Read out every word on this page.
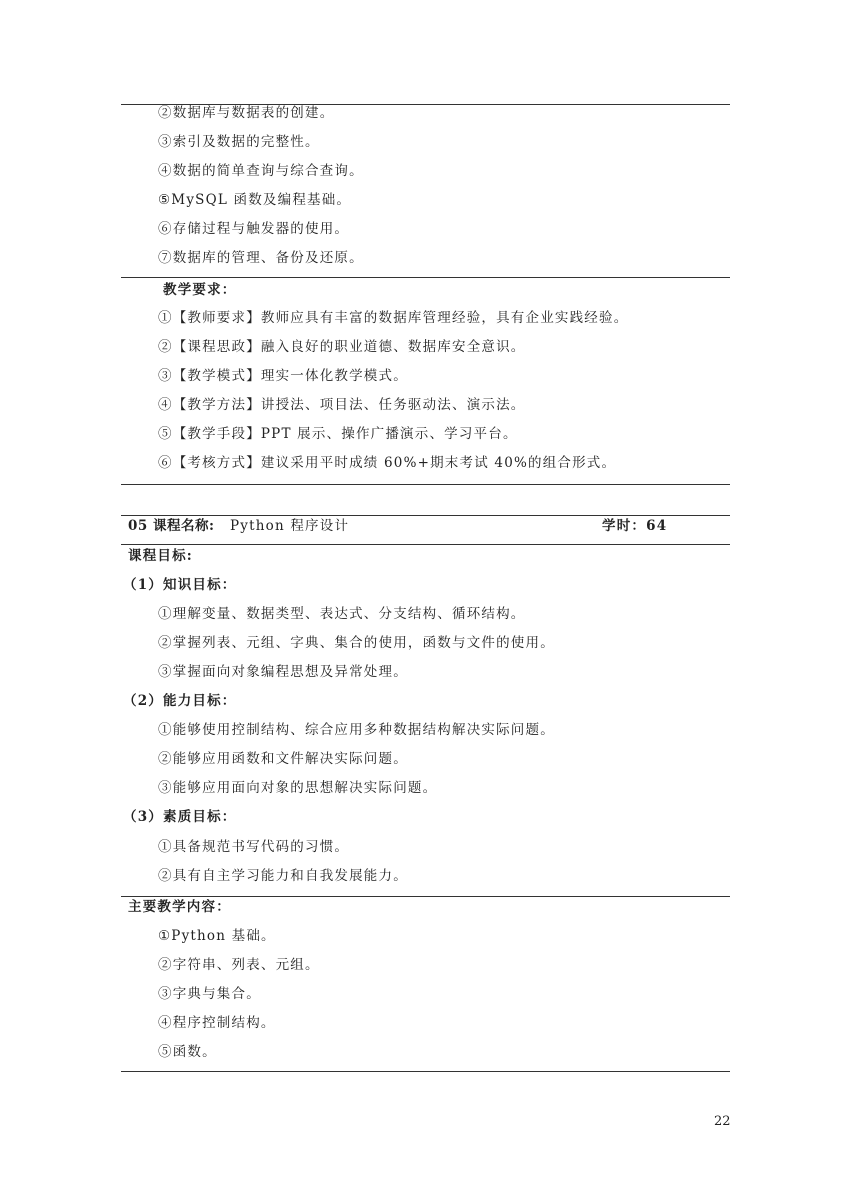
②数据库与数据表的创建。
③索引及数据的完整性。
④数据的简单查询与综合查询。
⑤MySQL 函数及编程基础。
⑥存储过程与触发器的使用。
⑦数据库的管理、备份及还原。
教学要求：
①【教师要求】教师应具有丰富的数据库管理经验，具有企业实践经验。
②【课程思政】融入良好的职业道德、数据库安全意识。
③【教学模式】理实一体化教学模式。
④【教学方法】讲授法、项目法、任务驱动法、演示法。
⑤【教学手段】PPT 展示、操作广播演示、学习平台。
⑥【考核方式】建议采用平时成绩 60%+期末考试 40%的组合形式。
05 课程名称: Python 程序设计	学时：64
课程目标:
（1）知识目标：
①理解变量、数据类型、表达式、分支结构、循环结构。
②掌握列表、元组、字典、集合的使用，函数与文件的使用。
③掌握面向对象编程思想及异常处理。
（2）能力目标：
①能够使用控制结构、综合应用多种数据结构解决实际问题。
②能够应用函数和文件解决实际问题。
③能够应用面向对象的思想解决实际问题。
（3）素质目标：
①具备规范书写代码的习惯。
②具有自主学习能力和自我发展能力。
主要教学内容：
①Python 基础。
②字符串、列表、元组。
③字典与集合。
④程序控制结构。
⑤函数。
22
